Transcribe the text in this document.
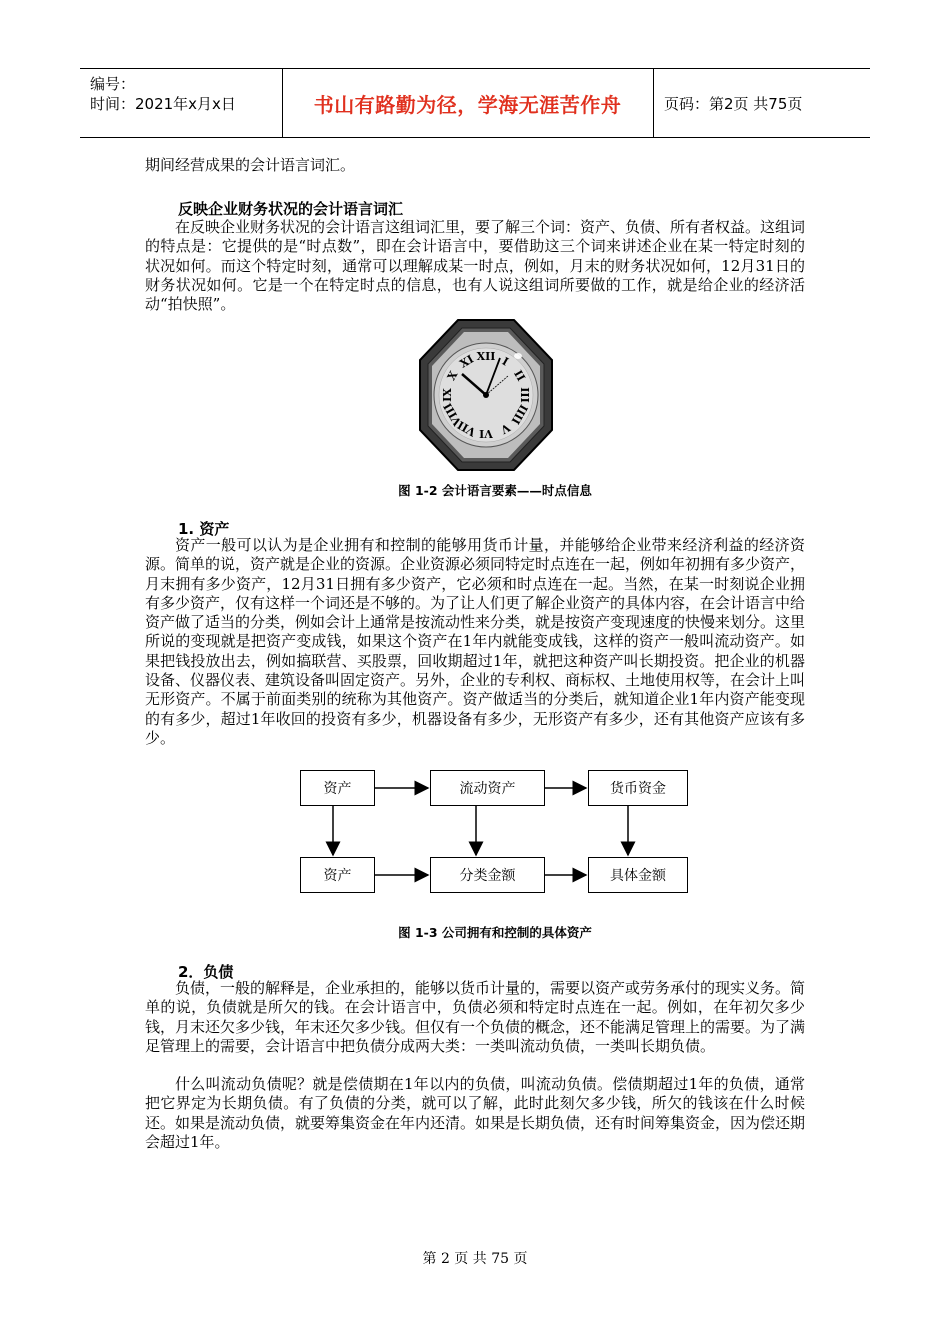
编号：
时间：2021年x月x日	书山有路勤为径，学海无涯苦作舟	页码：第2页 共75页
期间经营成果的会计语言词汇。
反映企业财务状况的会计语言词汇
在反映企业财务状况的会计语言这组词汇里，要了解三个词：资产、负债、所有者权益。这组词的特点是：它提供的是“时点数”，即在会计语言中，要借助这三个词来讲述企业在某一特定时刻的状况如何。而这个特定时刻，通常可以理解成某一时点，例如，月末的财务状况如何，12月31日的财务状况如何。它是一个在特定时点的信息，也有人说这组词所要做的工作，就是给企业的经济活动“拍快照”。
XII I
II
III
IIII
V
VI
VII
VIII
IX
X
XI
图 1-2 会计语言要素——时点信息
1. 资产
资产一般可以认为是企业拥有和控制的能够用货币计量，并能够给企业带来经济利益的经济资源。简单的说，资产就是企业的资源。企业资源必须同特定时点连在一起，例如年初拥有多少资产，月末拥有多少资产，12月31日拥有多少资产，它必须和时点连在一起。当然，在某一时刻说企业拥有多少资产，仅有这样一个词还是不够的。为了让人们更了解企业资产的具体内容，在会计语言中给资产做了适当的分类，例如会计上通常是按流动性来分类，就是按资产变现速度的快慢来划分。这里所说的变现就是把资产变成钱，如果这个资产在1年内就能变成钱，这样的资产一般叫流动资产。如果把钱投放出去，例如搞联营、买股票，回收期超过1年，就把这种资产叫长期投资。把企业的机器设备、仪器仪表、建筑设备叫固定资产。另外，企业的专利权、商标权、土地使用权等，在会计上叫无形资产。不属于前面类别的统称为其他资产。资产做适当的分类后，就知道企业1年内资产能变现的有多少，超过1年收回的投资有多少，机器设备有多少，无形资产有多少，还有其他资产应该有多少。
资产	流动资产	货币资金
资产	分类金额	具体金额
图 1-3 公司拥有和控制的具体资产
2．负债
负债，一般的解释是，企业承担的，能够以货币计量的，需要以资产或劳务承付的现实义务。简单的说，负债就是所欠的钱。在会计语言中，负债必须和特定时点连在一起。例如，在年初欠多少钱，月末还欠多少钱，年末还欠多少钱。但仅有一个负债的概念，还不能满足管理上的需要。为了满足管理上的需要，会计语言中把负债分成两大类：一类叫流动负债，一类叫长期负债。
什么叫流动负债呢？就是偿债期在1年以内的负债，叫流动负债。偿债期超过1年的负债，通常把它界定为长期负债。有了负债的分类，就可以了解，此时此刻欠多少钱，所欠的钱该在什么时候还。如果是流动负债，就要筹集资金在年内还清。如果是长期负债，还有时间筹集资金，因为偿还期会超过1年。
第 2 页 共 75 页
